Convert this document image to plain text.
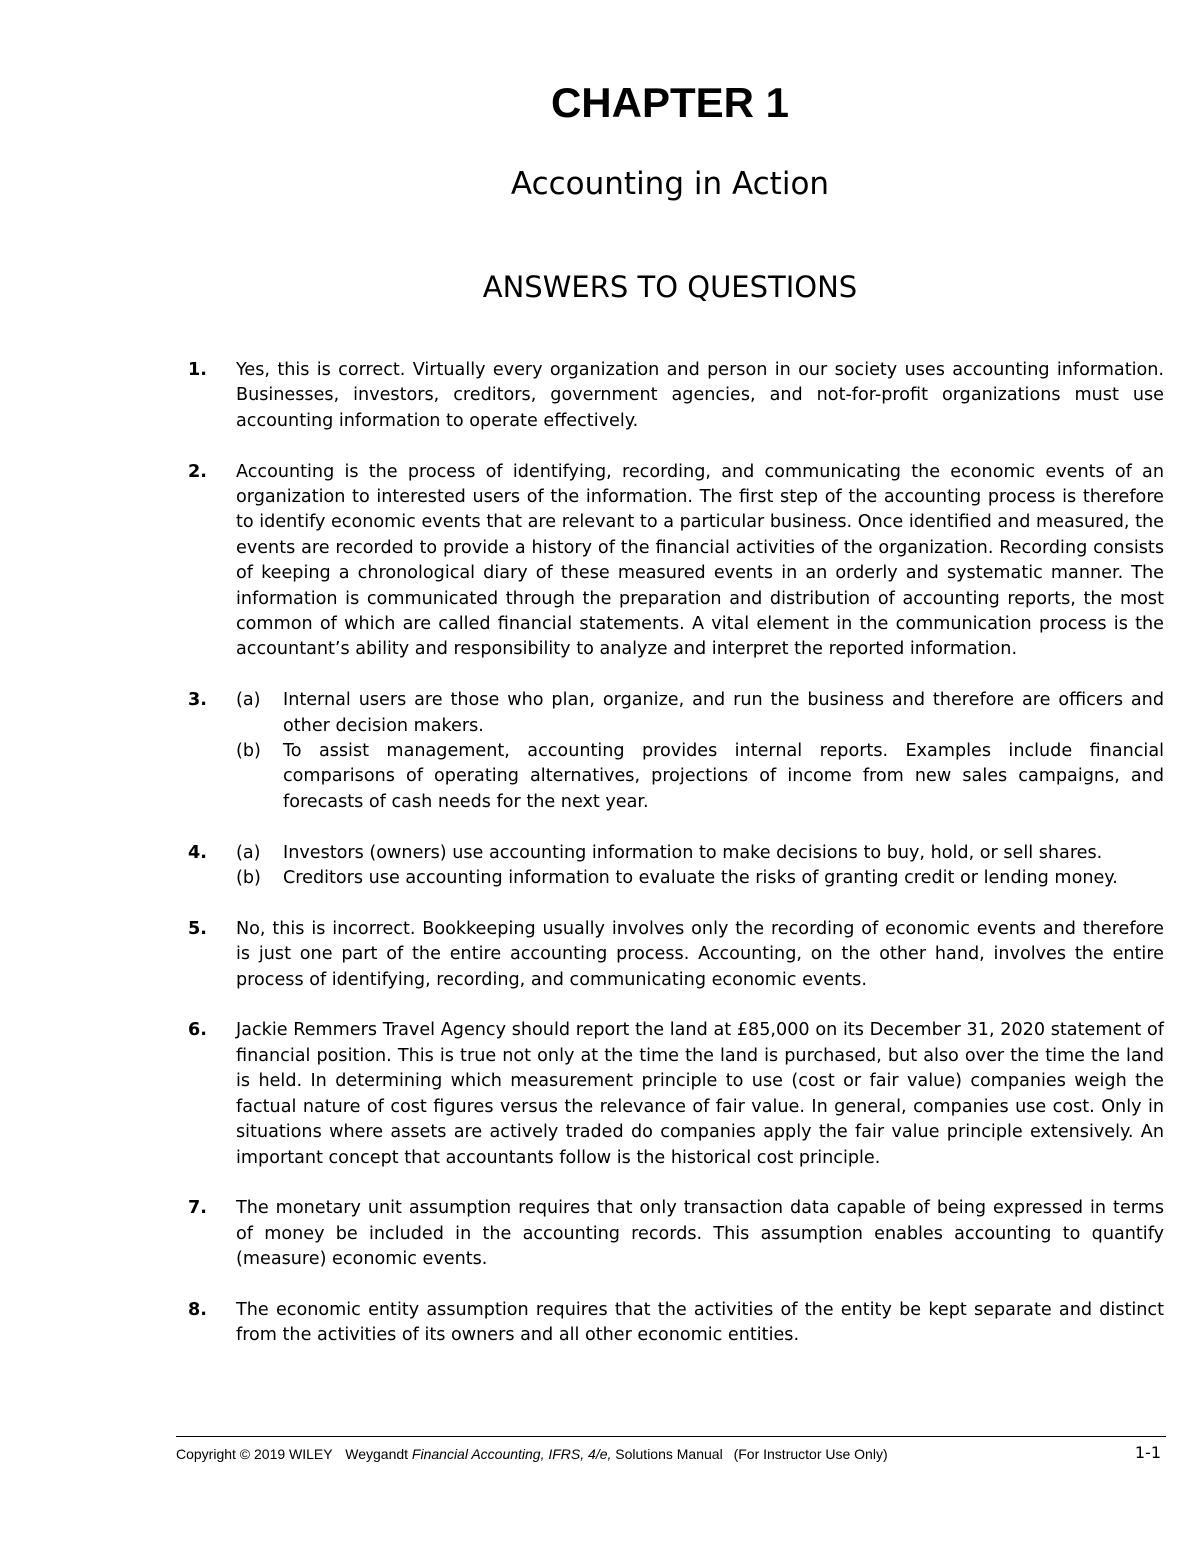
CHAPTER 1
Accounting in Action
ANSWERS TO QUESTIONS
1. Yes, this is correct. Virtually every organization and person in our society uses accounting information. Businesses, investors, creditors, government agencies, and not-for-profit organizations must use accounting information to operate effectively.
2. Accounting is the process of identifying, recording, and communicating the economic events of an organization to interested users of the information. The first step of the accounting process is therefore to identify economic events that are relevant to a particular business. Once identified and measured, the events are recorded to provide a history of the financial activities of the organization. Recording consists of keeping a chronological diary of these measured events in an orderly and systematic manner. The information is communicated through the preparation and distribution of accounting reports, the most common of which are called financial statements. A vital element in the communication process is the accountant’s ability and responsibility to analyze and interpret the reported information.
3. (a) Internal users are those who plan, organize, and run the business and therefore are officers and other decision makers.
(b) To assist management, accounting provides internal reports. Examples include financial comparisons of operating alternatives, projections of income from new sales campaigns, and forecasts of cash needs for the next year.
4. (a) Investors (owners) use accounting information to make decisions to buy, hold, or sell shares.
(b) Creditors use accounting information to evaluate the risks of granting credit or lending money.
5. No, this is incorrect. Bookkeeping usually involves only the recording of economic events and therefore is just one part of the entire accounting process. Accounting, on the other hand, involves the entire process of identifying, recording, and communicating economic events.
6. Jackie Remmers Travel Agency should report the land at £85,000 on its December 31, 2020 statement of financial position. This is true not only at the time the land is purchased, but also over the time the land is held. In determining which measurement principle to use (cost or fair value) companies weigh the factual nature of cost figures versus the relevance of fair value. In general, companies use cost. Only in situations where assets are actively traded do companies apply the fair value principle extensively. An important concept that accountants follow is the historical cost principle.
7. The monetary unit assumption requires that only transaction data capable of being expressed in terms of money be included in the accounting records. This assumption enables accounting to quantify (measure) economic events.
8. The economic entity assumption requires that the activities of the entity be kept separate and distinct from the activities of its owners and all other economic entities.
Copyright © 2019 WILEY Weygandt Financial Accounting, IFRS, 4/e, Solutions Manual (For Instructor Use Only)	1-1
